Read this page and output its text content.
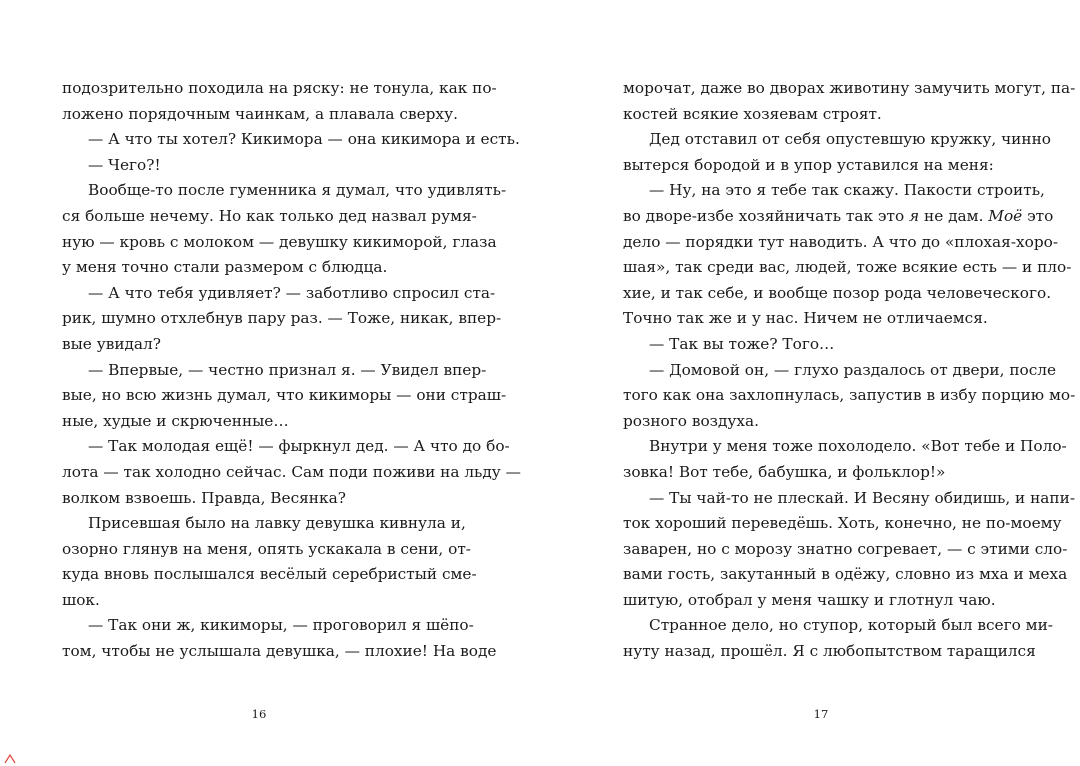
подозрительно походила на ряску: не тонула, как по-
ложено порядочным чаинкам, а плавала сверху.
— А что ты хотел? Кикимора — она кикимора и есть.
— Чего?!
Вообще-то после гуменника я думал, что удивлять-
ся больше нечему. Но как только дед назвал румя-
ную — кровь с молоком — девушку кикиморой, глаза
у меня точно стали размером с блюдца.
— А что тебя удивляет? — заботливо спросил ста-
рик, шумно отхлебнув пару раз. — Тоже, никак, впер-
вые увидал?
— Впервые, — честно признал я. — Увидел впер-
вые, но всю жизнь думал, что кикиморы — они страш-
ные, худые и скрюченные…
— Так молодая ещё! — фыркнул дед. — А что до бо-
лота — так холодно сейчас. Сам поди поживи на льду —
волком взвоешь. Правда, Весянка?
Присевшая было на лавку девушка кивнула и,
озорно глянув на меня, опять ускакала в сени, от-
куда вновь послышался весёлый серебристый сме-
шок.
— Так они ж, кикиморы, — проговорил я шёпо-
том, чтобы не услышала девушка, — плохие! На воде
морочат, даже во дворах животину замучить могут, па-
костей всякие хозяевам строят.
Дед отставил от себя опустевшую кружку, чинно
вытерся бородой и в упор уставился на меня:
— Ну, на это я тебе так скажу. Пакости строить,
во дворе-избе хозяйничать так это я не дам. Моё это
дело — порядки тут наводить. А что до «плохая-хоро-
шая», так среди вас, людей, тоже всякие есть — и пло-
хие, и так себе, и вообще позор рода человеческого.
Точно так же и у нас. Ничем не отличаемся.
— Так вы тоже? Того…
— Домовой он, — глухо раздалось от двери, после
того как она захлопнулась, запустив в избу порцию мо-
розного воздуха.
Внутри у меня тоже похолодело. «Вот тебе и Поло-
зовка! Вот тебе, бабушка, и фольклор!»
— Ты чай-то не плескай. И Весяну обидишь, и напи-
ток хороший переведёшь. Хоть, конечно, не по-моему
заварен, но с морозу знатно согревает, — с этими сло-
вами гость, закутанный в одёжу, словно из мха и меха
шитую, отобрал у меня чашку и глотнул чаю.
Странное дело, но ступор, который был всего ми-
нуту назад, прошёл. Я с любопытством таращился
16	17
